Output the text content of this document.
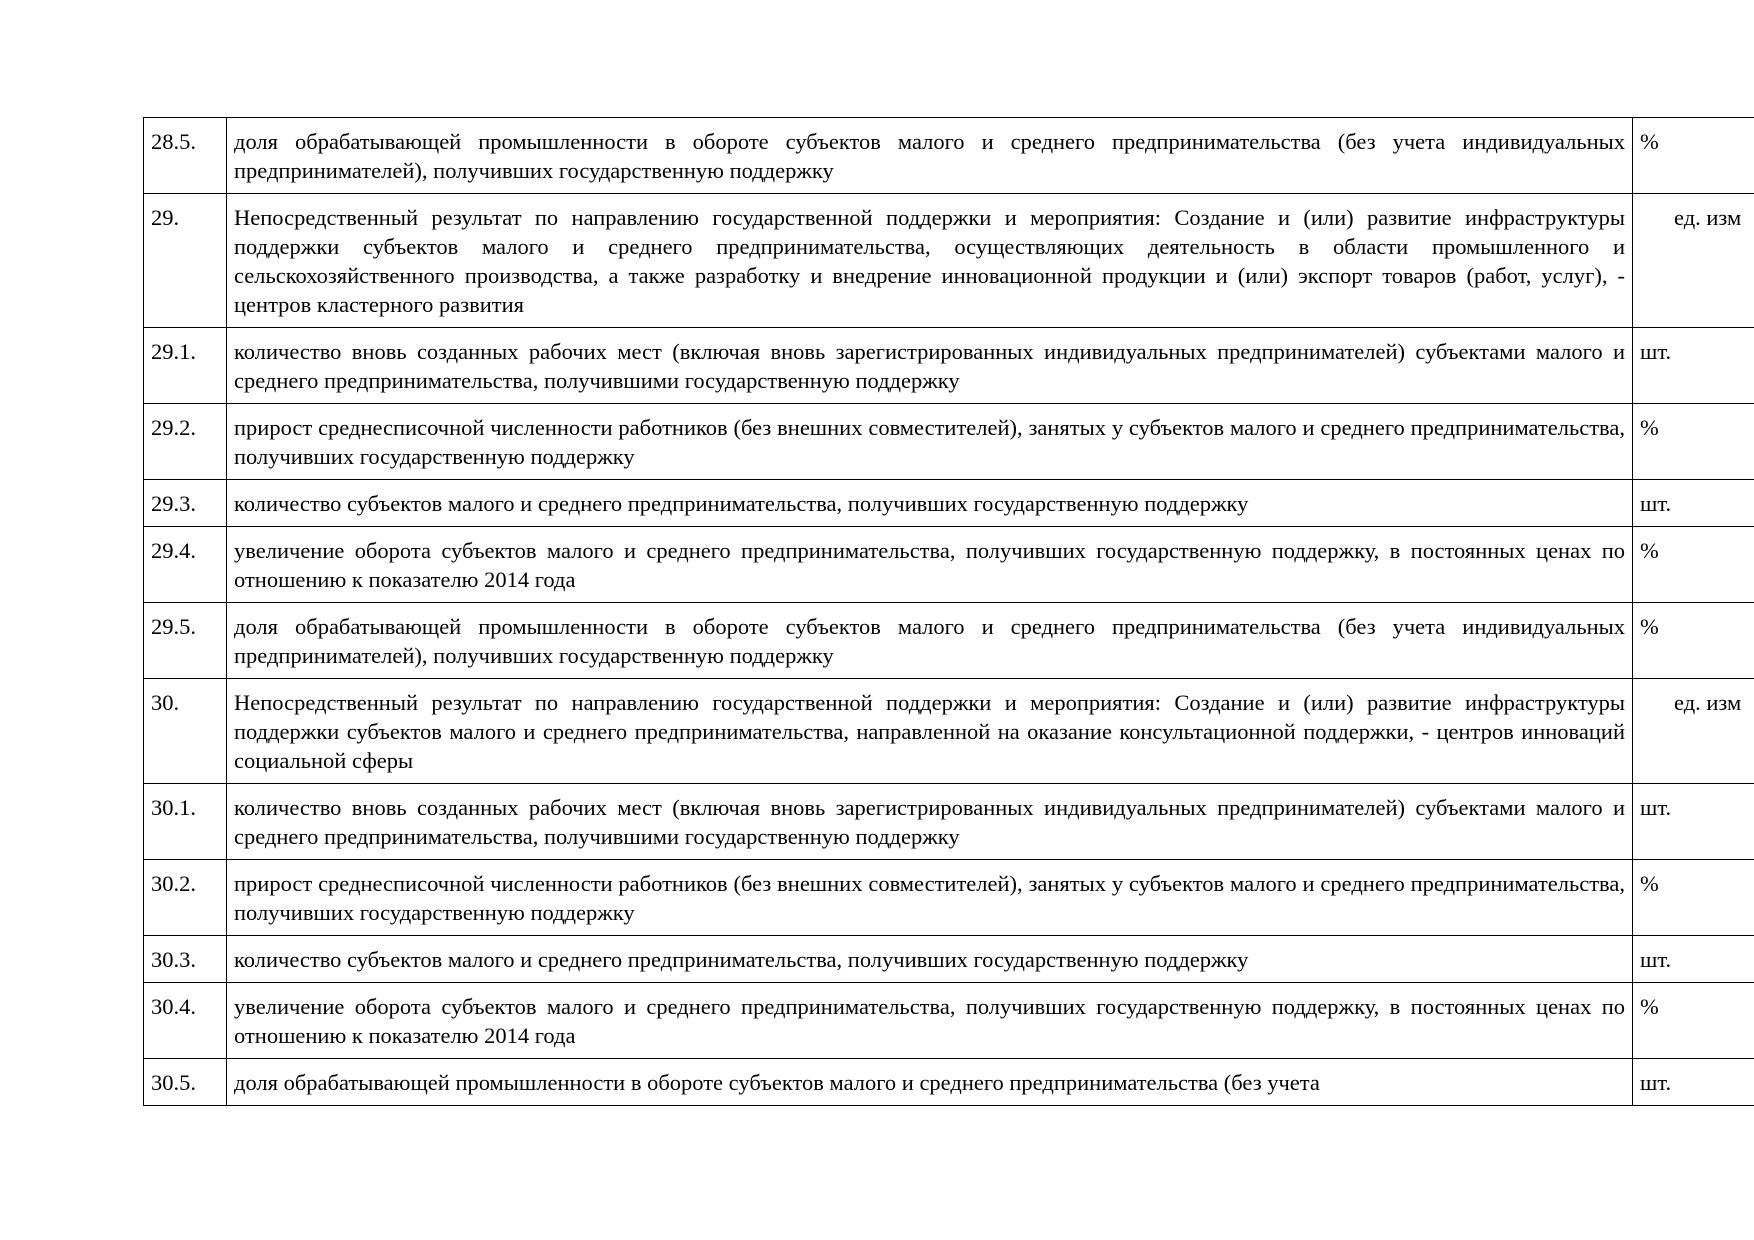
28.5.	доля обрабатывающей промышленности в обороте субъектов малого и среднего предпринимательства (без учета индивидуальных предпринимателей), получивших государственную поддержку	%
29.	Непосредственный результат по направлению государственной поддержки и мероприятия: Создание и (или) развитие инфраструктуры поддержки субъектов малого и среднего предпринимательства, осуществляющих деятельность в области промышленного и сельскохозяйственного производства, а также разработку и внедрение инновационной продукции и (или) экспорт товаров (работ, услуг), - центров кластерного развития	ед. изм
29.1.	количество вновь созданных рабочих мест (включая вновь зарегистрированных индивидуальных предпринимателей) субъектами малого и среднего предпринимательства, получившими государственную поддержку	шт.
29.2.	прирост среднесписочной численности работников (без внешних совместителей), занятых у субъектов малого и среднего предпринимательства, получивших государственную поддержку	%
29.3.	количество субъектов малого и среднего предпринимательства, получивших государственную поддержку	шт.
29.4.	увеличение оборота субъектов малого и среднего предпринимательства, получивших государственную поддержку, в постоянных ценах по отношению к показателю 2014 года	%
29.5.	доля обрабатывающей промышленности в обороте субъектов малого и среднего предпринимательства (без учета индивидуальных предпринимателей), получивших государственную поддержку	%
30.	Непосредственный результат по направлению государственной поддержки и мероприятия: Создание и (или) развитие инфраструктуры поддержки субъектов малого и среднего предпринимательства, направленной на оказание консультационной поддержки, - центров инноваций социальной сферы	ед. изм
30.1.	количество вновь созданных рабочих мест (включая вновь зарегистрированных индивидуальных предпринимателей) субъектами малого и среднего предпринимательства, получившими государственную поддержку	шт.
30.2.	прирост среднесписочной численности работников (без внешних совместителей), занятых у субъектов малого и среднего предпринимательства, получивших государственную поддержку	%
30.3.	количество субъектов малого и среднего предпринимательства, получивших государственную поддержку	шт.
30.4.	увеличение оборота субъектов малого и среднего предпринимательства, получивших государственную поддержку, в постоянных ценах по отношению к показателю 2014 года	%
30.5.	доля обрабатывающей промышленности в обороте субъектов малого и среднего предпринимательства (без учета	шт.
